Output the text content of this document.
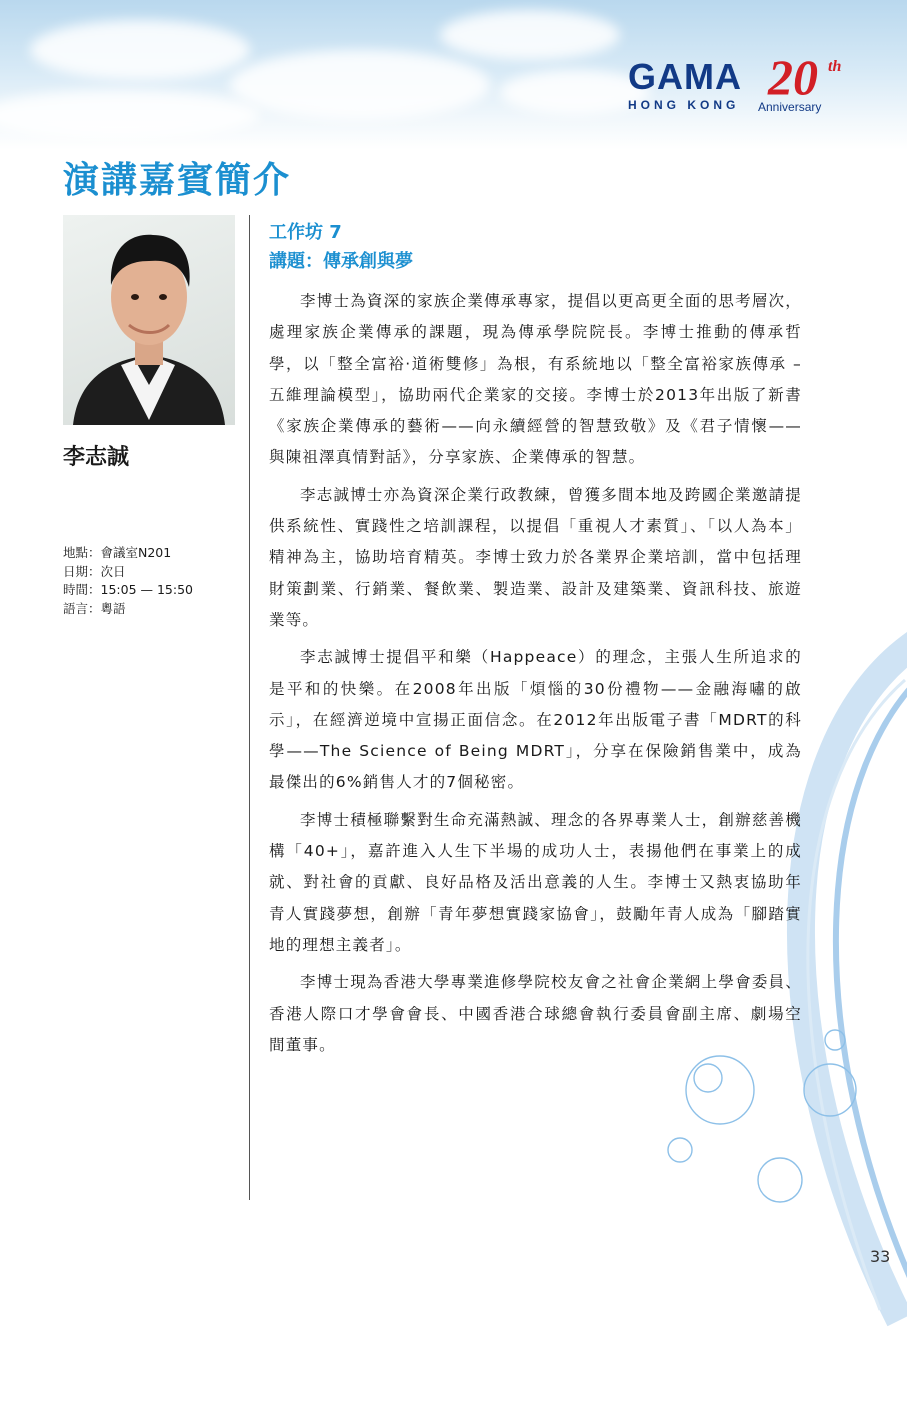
GAMA
HONG KONG 20 th
Anniversary
演講嘉賓簡介
李志誠
地點：會議室N201
日期：次日
時間：15:05 — 15:50
語言：粵語
工作坊 7
講題：傳承創與夢

李博士為資深的家族企業傳承專家，提倡以更高更全面的思考層次，處理家族企業傳承的課題，現為傳承學院院長。李博士推動的傳承哲學，以「整全富裕‧道術雙修」為根，有系統地以「整全富裕家族傳承 – 五維理論模型」，協助兩代企業家的交接。李博士於2013年出版了新書《家族企業傳承的藝術——向永續經營的智慧致敬》及《君子情懷——與陳祖澤真情對話》，分享家族、企業傳承的智慧。

李志誠博士亦為資深企業行政教練，曾獲多間本地及跨國企業邀請提供系統性、實踐性之培訓課程，以提倡「重視人才素質」、「以人為本」精神為主，協助培育精英。李博士致力於各業界企業培訓，當中包括理財策劃業、行銷業、餐飲業、製造業、設計及建築業、資訊科技、旅遊業等。

李志誠博士提倡平和樂（Happeace）的理念，主張人生所追求的是平和的快樂。在2008年出版「煩惱的30份禮物——金融海嘯的啟示」，在經濟逆境中宣揚正面信念。在2012年出版電子書「MDRT的科學——The Science of Being MDRT」，分享在保險銷售業中，成為最傑出的6%銷售人才的7個秘密。

李博士積極聯繫對生命充滿熱誠、理念的各界專業人士，創辦慈善機構「40+」，嘉許進入人生下半場的成功人士，表揚他們在事業上的成就、對社會的貢獻、良好品格及活出意義的人生。李博士又熱衷協助年青人實踐夢想，創辦「青年夢想實踐家協會」，鼓勵年青人成為「腳踏實地的理想主義者」。

李博士現為香港大學專業進修學院校友會之社會企業網上學會委員、香港人際口才學會會長、中國香港合球總會執行委員會副主席、劇場空間董事。

33
